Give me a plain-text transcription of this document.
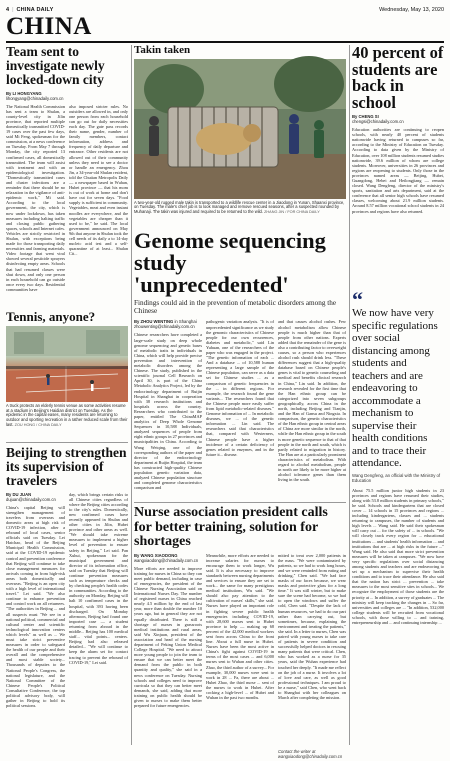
4 | CHINA DAILY	Wednesday, May 13, 2020
CHINA
Team sent to investigate newly locked-down city
By LI HONGYANG
lihongyang@chinadaily.com.cn
The National Health Commission has sent a team to Shulan, a county-level city in Jilin province, that reported multiple domestically transmitted COVID-19 cases over the past few days, said Mi Feng, spokesman for the commission, at a news conference on Tuesday. From May 7 through Monday, the city reported 13 confirmed cases, all domestically transmitted. The team will assist with treatment and with an epidemiological investigation. "Domestically transmitted cases and cluster infections are a reminder that there should be no relaxation in the vigilance of anti-epidemic work," Mi said. According to the local government, the city, which is now under lockdown, has taken measures including halting traffic and closing public gathering spaces, schools and Internet cafes. Vehicles are strictly restricted in Shulan, with exceptions being made for those transporting daily necessities and farming materials. Video footage that went viral showed several pesticide sprayers disinfecting empty areas. Schools that had resumed classes were shut down, and only one person in each household can go outside once every two days. Residential communities have
also imposed stricter rules. No outsiders are allowed in, and only one person from each household can go out for daily necessities each day. The gate pass records their name, gender, number of family members, contact information, address and frequency of daily departure and entrance. Other residents are not allowed out of their community unless they need to see a doctor or handle an emergency. Zhou Jin, a 34-year-old Shulan resident, told the Chutian Metropolis Daily — a newspaper based in Wuhan, Hubei province — that his mom is out of work at home and don't have out for seven days. "Food supply is sufficient in community. Vegetables, meat and even instant noodles are everywhere, and the vegetables are cheaper than it used to be," he said. The local government announced on May 9th that anyone in Shulan took the cell needs of its daily a to 14-day nucleic acid test and a self-quarantine of at least... Shulan Cit...
Tennis, anyone?
A truck protects an elderly tennis venue as some activities resume at a stadium in Beijing's Haidian district on Tuesday. As the epidemic in the capital eases, many residents are returning to outdoor and sporting recreation in a rather reduced scale from their last. ZOU HONG / CHINA DAILY
Beijing to strengthen its supervision of travelers
By DU JUAN
dujuan@chinadaily.com.cn
China's capital Beijing will strengthen management of travelers from overseas and domestic areas at high risk of COVID-19 infection, after a rebound of local cases, senior officials said on Tuesday. Lei Haichao, head of the Beijing Municipal Health Commission, said at the COVID-19 epidemic control and prevention conference that Beijing will continue to take close management measures for arrivals coming in from high-risk areas both domestically and overseas. "Beijing is an open city with a high level of international travel." Lei said. "We also continue to enhance prevention and control work on all returnees. "The authorities in Beijing ... and all suspects must "We see in a national political, commercial and cultural center and scientific technological innovation centers which levels" as well as ... We must take strict preventive measures in order to safeguard the health of our people and their overall and the comprehensive and most stable society... Thousands of deputies to the National People's Congress, the national legislature, and the National Committee of the Chinese People's Political Consultative Conference, the top political advisory body, will gather in Beijing to hold its political sessions.
day, which brings certain risks to all Chinese cities regardless of where the Beijing cities according to the city's rules. Domestically, new confirmed cases have recently appeared in Shulan and other cities in Jilin, Hubei province and other areas as well. "We should take extreme measures to implement a higher level of prevention to ensure safety in Beijing," Lei said. Pan Xuhui, spokesman for the municipal government and director of its information office, said on Tuesday that Beijing will continue prevention measures such as temperature checks and by checking people's health codes in communities. According to the authority on Monday, Beijing will halt 10 confirmed cases in the hospital, with 393 having been discharged. On Monday afternoon, Beijing had found one imported case — a student returning from abroad in the middle... Beijing has 100 medical staff... vital points... centers. Beijing had also released detailed... "We will continue to keep the alarm set for contact tracing to prevent the rebound of COVID-19," Lei said.
Takin taken
A two-year-old rugged male takin is transported to a wildlife rescue center in a Jiaodong in Yunan, Shaanxi province, on Tuesday. The male's chief job is to look managed and remove rescued seasons, after a suspected rounded by Muhanaji. The takin was injured and required to be returned to the wild. ZHANG JIN / FOR CHINA DAILY
Genome sequencing study 'unprecedented'
Findings could aid in the prevention of metabolic disorders among the Chinese
By ZHOU WENTING in Shanghai
zhouwenting@chinadaily.com.cn
Chinese researchers have completed a large-scale study on deep whole genome sequencing and genetic bases of metabolic traits in individuals in China, which will help provide precise prevention and intervention of metabolic disorders among the Chinese. The study, published in the scientific journal Cell Research on April 30, is part of the China Metabolic Analytics Project, led by the endocrinology department of Ruijin Hospital in Shanghai in cooperation with 38 research institutions and hospitals across the country. Researchers who contributed to the paper, entitled The ChinaMAP analytics of Deep Whole Genome Sequences in 10,588 Individuals, analyzed sequences of people from eight ethnic groups in 27 provinces and municipalities in China. According to Wang Weiqing, one of the corresponding authors of the paper and director of the endocrinology department at Ruijin Hospital, the team has constructed high-quality Chinese population genetic variation data, analyzed Chinese population structure and completed genome characteristics comparison and
pathogenic variation analysis. "It is of unprecedented significance as we study the genomic characteristics of Chinese people for our own recurrences, diabetes and metabolic," said Lin Yuhuan, one of the researchers of the paper who was engaged in the project. "The genetic information of each ... And a database ... of 10,588 human representing a large sample of the Chinese population, can serve as a data set for Chinese studies ... as a comparison of genetic frequencies in the ... in different regions. For example, the research found the gene variants... The researchers found that the Chinese people more easily suffer from lipid metabolic-related diseases." Genome information of ... In metabolic diseases, we ... of the genetic information ... Lin said. The researchers said that characteristics that, compared with Westerners, Chinese people have a higher incidence of a certain deficiency of genes related to enzymes, and in the future it... disease.
and that causes alcohol rashes. Few alcohol metabolism allow Chinese people is much higher than that of people from other nations. Experts added that the remainder of the gene is also a contributing factor to overweight causes, so a person who experiences alcohol rash should drink less. "These differences suggest that a high-quality database based on Chinese people's genes is vital to genetic counseling and medical and benefits clinical research in China," Lin said. In addition, the research revealed for the first time that the Han ethnic group can be categorized into seven subgroups geographically, across China in the north, including Beijing and Tianjin, and the Han of Gansu and Ningxia. In comparison, the genetic characteristics of the Han ethnic group in central areas of China are more similar in the north, while the Han ethnic group in the south is more genetic sequence to that of that people in the north and south, which is partly related to migration in history. The Han are at a particularly prominent characteristics of metabolism. With regard to alcohol metabolism, people in north are likely to be more higher at alcohol tolerance genes than them living in the south.
Nurse association president calls for better training, solution for shortages
By WANG XIAODONG
wangxiaodong@chinadaily.com.cn
More efforts are needed to improve training for nurses in China so they can meet public demand, including in case of emergencies, the president of the Chinese Nursing Association said on International Nurses Day. The number of registered nurses in China reached nearly 4.5 million by the end of last year, more than double the number 10 years ago, but in general they are not equally distributed. There is still a shortage of nurses in grassroots medical institutions and rural areas, said Wu Xinjuan, president of the association and head of the nursing department of Peking Union Medical College Hospital. "We need to attract more young people to join the team to ensure that we can better meet the demand from the public in both quantity and quality," she said in a news conference on Tuesday. Nursing schools and colleges need to improve curricula so that they can better meet demands, she said, adding that more training on public health should be given to nurses to make them better prepared for future emergencies.
Meanwhile, more efforts are needed to increase salaries for nurses to encourage them to work longer, Wu said. It is also necessary to improve standards between nursing departments and services to ensure they are set to work... the same for many prestigious medical institutions, Wu said. "We should also pay attention to the cultivation of nurses' skills," she said. Nurses have played an important role in fighting severe public health emergencies including COVID-19, with 28,600 nurses sent to Hubei province to help — making up 68 percent of the 42,000 medical workers sent from across China to the front line. About a full nurse in Hubei. Nurses have been the most active in China's fight against COVID-19 in terms of the most cases ... and 6,000 nurses sent to Wuhan and other cities. Zhao, the third author of a survey... For example, 30,000 nurses were sent to work in 28 ... Fa, there are about ... Hubei Zhao, the third nurse ... sent of the nurses to work in Hubei. After cocking a high-level ... of Hubei and Wuhan in the past two months.
mitted to treat over 2,000 patients in the mass. "We were contaminated by patients, so we had to work long hours, and we were reminded from eating and drinking," Chen said. "We had face masks of our faces because, we wear masks and protective glass for a long time." It was still winter, but to make sure the scene had become, so we had to open the windows and suffer the cold, Chen said. "Despite the lack of human resources, we had to do our part rather than carrying out, but sometimes, because, explaining the environment and treating the patients," she said. In a letter to nurses, Chen was paired with young nurses to take care of patients in severe condition and successfully helped doctors in rescuing many patients that were critical. Chen, who has worked as a nurse for 35 years, said the Wuhan experience had touched her deeply. "It made me reflect on the job of a nurse. It involves a lot of love and care, as well as good professional techniques. I am proud to be a nurse," said Chen, who went back to Shanghai with her colleagues on March after completing the mission.
Contact the writer at wangxiaodong@chinadaily.com.cn
40 percent of students are back in school
By CHENG SI
chengsi@chinadaily.com.cn
Education authorities are continuing to reopen schools, with nearly 40 percent of students nationwide having returned to campuses so far, according to the Ministry of Education on Tuesday. According to data given by the Ministry of Education, over 108 million students resumed studies nationwide, 39.6 million of whom are college students. Moreover, universities in 26 provinces and regions are reopening to students. Only those in the provinces named areas — Beijing, Hubei, Guangdong, Hebei and Heilongjiang — remain closed. Wang Dengfeng, director of the ministry's sports, sanitation and arts department, said at the conference that all senior high schools have resumed classes, welcoming about 21.9 million students. Around 8.57 million vocational school students in 24 provinces and regions have also returned.
“
We now have very specific regulations over social distancing among students and teachers and are endeavoring to accommodate a mechanism to supervise their health conditions and to trace their attendance.
Wang Dengfeng, an official with the Ministry of Education
About 75.5 million junior high students in 23 provinces and regions have resumed their studies, along with 53.8 million students in primary schools," he said. Schools and kindergartens that are closed cover ... 14 schools in 15 provinces and regions ... including kindergartens, classes and ... students returning to campuses, the number of students and high levels ... Wang said. He said their spokesman will carry out ... for the safety of ... in schools. "We will closely track every region for ... educational institutions ... and students' health information ... and institutions that are ... at high risks in the future ..." Wang said. He also said that more strict prevention measures will be taken at campuses. "We now have very specific regulations over social distancing among students and teachers and are endeavoring to set up a mechanism to supervise their health conditions and to trace their attendance. He also said that the nation has strict ... prevention ... take measures to the most sensitive sites in schools... We recognize the employment of those students are the priority at ... In addition, a survey of graduates ... The ministry will keep tracking the changes in ... So far, universities and colleges are ... "In addition, 532,000 college students will be recruited from vocational schools, with those willing to ... and training, entrepreneurship and ... and continuing internship ...
